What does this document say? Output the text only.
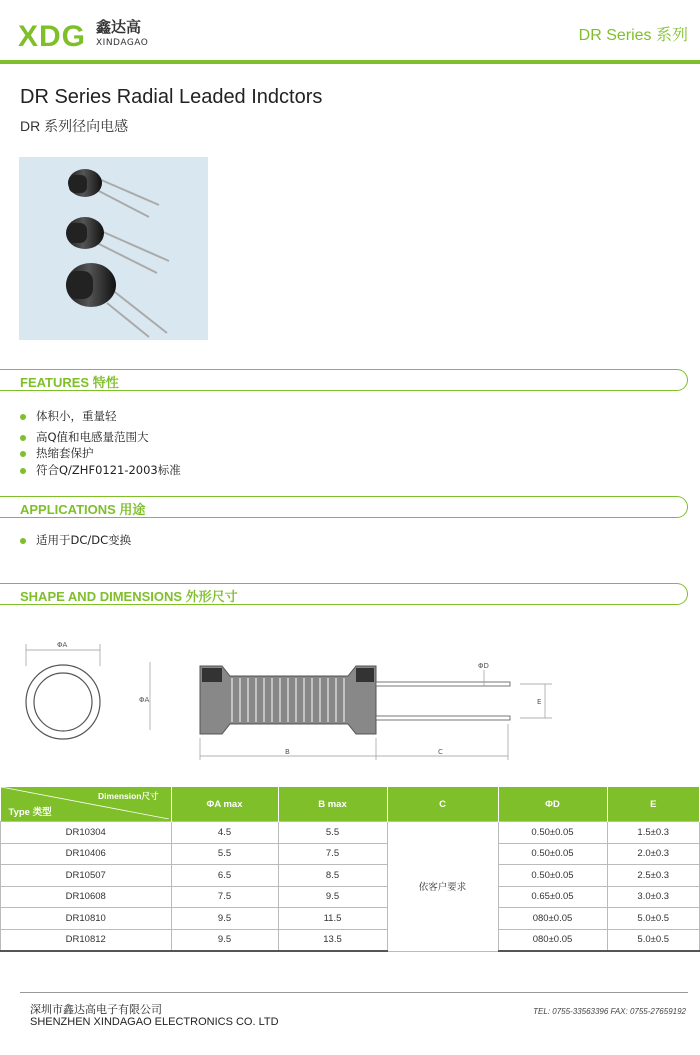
XDG 鑫达高
XINDAGAO	DR Series 系列
DR Series Radial Leaded Indctors
DR 系列径向电感
FEATURES 特性
体积小，重量轻
高Q值和电感量范围大
热缩套保护
符合Q/ZHF0121-2003标准
APPLICATIONS 用途
适用于DC/DC变换
SHAPE AND DIMENSIONS 外形尺寸
ΦA
ΦA
ΦD
E
B	C
Dimension尺寸
Type 类型	ΦA max	B max	C	ΦD	E
DR10304	4.5	5.5	依客户要求	0.50±0.05	1.5±0.3
DR10406	5.5	7.5		0.50±0.05	2.0±0.3
DR10507	6.5	8.5		0.50±0.05	2.5±0.3
DR10608	7.5	9.5		0.65±0.05	3.0±0.3
DR10810	9.5	11.5		080±0.05	5.0±0.5
DR10812	9.5	13.5		080±0.05	5.0±0.5
深圳市鑫达高电子有限公司
SHENZHEN XINDAGAO ELECTRONICS CO. LTD
TEL: 0755-33563396 FAX: 0755-27659192
